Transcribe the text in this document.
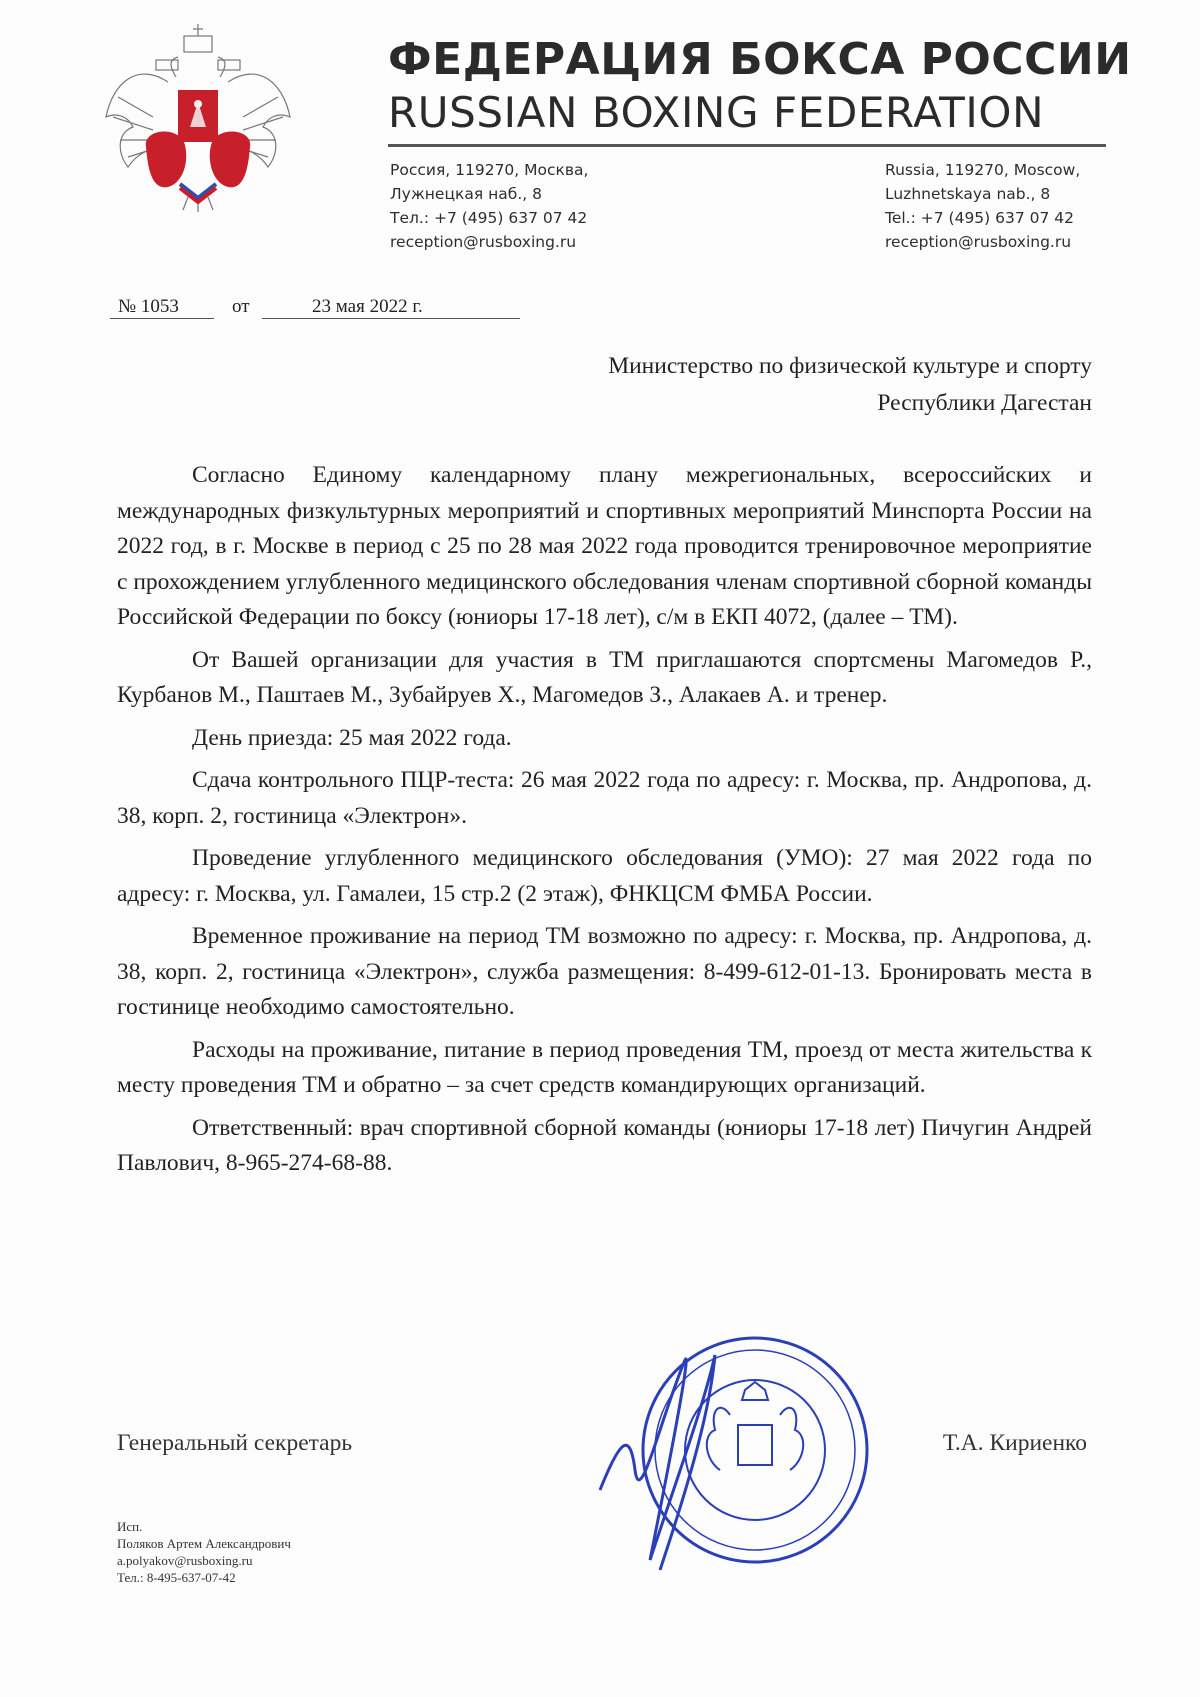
ФЕДЕРАЦИЯ БОКСА РОССИИ
RUSSIAN BOXING FEDERATION
Россия, 119270, Москва,
Лужнецкая наб., 8
Тел.: +7 (495) 637 07 42
reception@rusboxing.ru
Russia, 119270, Moscow,
Luzhnetskaya nab., 8
Tel.: +7 (495) 637 07 42
reception@rusboxing.ru
№ 1053	от	23 мая 2022 г.
Министерство по физической культуре и спорту
Республики Дагестан

Согласно Единому календарному плану межрегиональных, всероссийских и международных физкультурных мероприятий и спортивных мероприятий Минспорта России на 2022 год, в г. Москве в период с 25 по 28 мая 2022 года проводится тренировочное мероприятие с прохождением углубленного медицинского обследования членам спортивной сборной команды Российской Федерации по боксу (юниоры 17-18 лет), с/м в ЕКП 4072, (далее – ТМ).

От Вашей организации для участия в ТМ приглашаются спортсмены Магомедов Р., Курбанов М., Паштаев М., Зубайруев Х., Магомедов З., Алакаев А. и тренер.

День приезда: 25 мая 2022 года.

Сдача контрольного ПЦР-теста: 26 мая 2022 года по адресу: г. Москва, пр. Андропова, д. 38, корп. 2, гостиница «Электрон».

Проведение углубленного медицинского обследования (УМО): 27 мая 2022 года по адресу: г. Москва, ул. Гамалеи, 15 стр.2 (2 этаж), ФНКЦСМ ФМБА России.

Временное проживание на период ТМ возможно по адресу: г. Москва, пр. Андропова, д. 38, корп. 2, гостиница «Электрон», служба размещения: 8-499-612-01-13. Бронировать места в гостинице необходимо самостоятельно.

Расходы на проживание, питание в период проведения ТМ, проезд от места жительства к месту проведения ТМ и обратно – за счет средств командирующих организаций.

Ответственный: врач спортивной сборной команды (юниоры 17-18 лет) Пичугин Андрей Павлович, 8-965-274-68-88.

Генеральный секретарь	Т.А. Кириенко
Исп.
Поляков Артем Александрович
a.polyakov@rusboxing.ru
Тел.: 8-495-637-07-42
